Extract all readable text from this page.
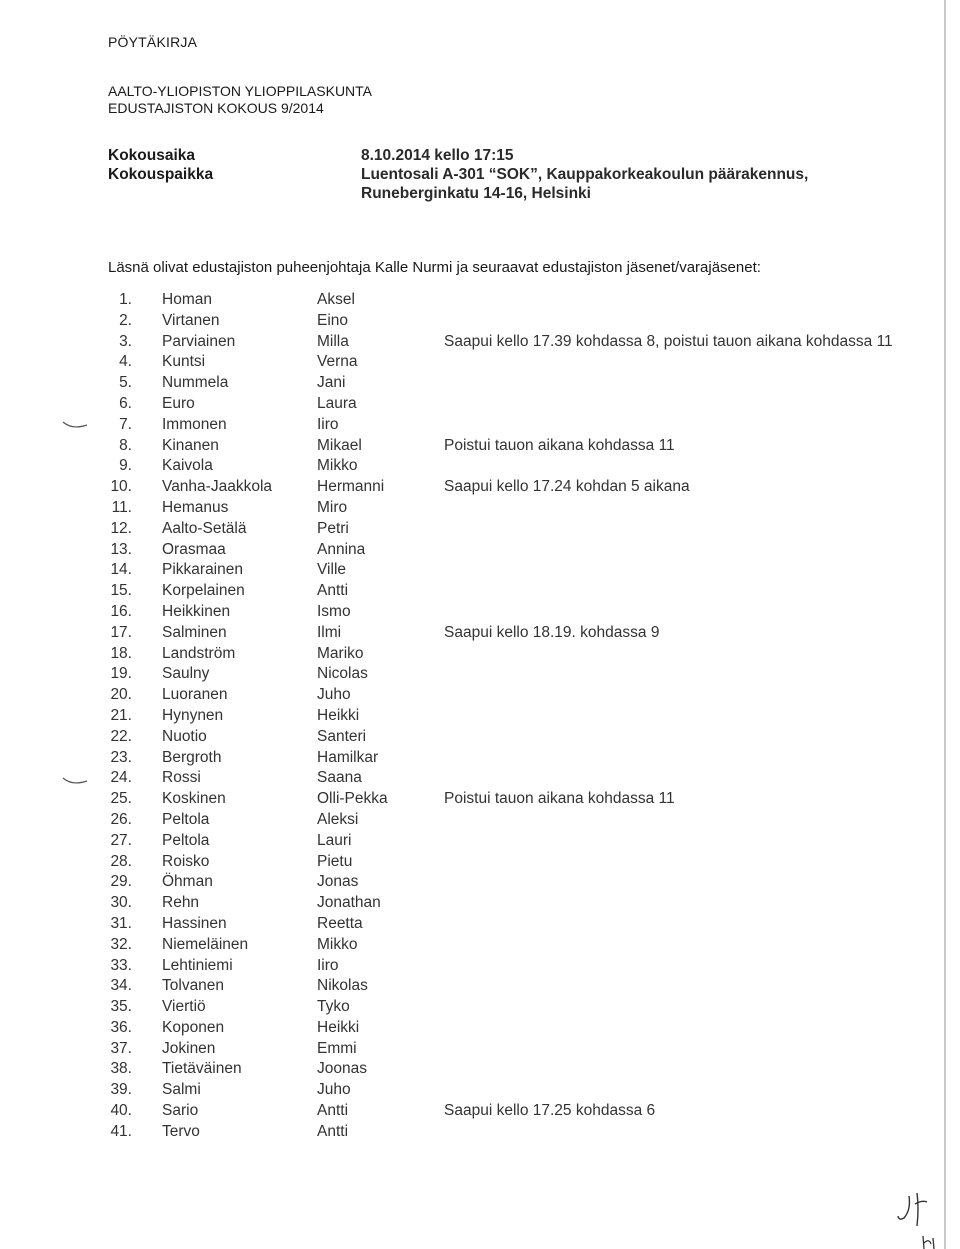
PÖYTÄKIRJA
AALTO-YLIOPISTON YLIOPPILASKUNTA
EDUSTAJISTON KOKOUS 9/2014
Kokousaika	8.10.2014 kello 17:15
Kokouspaikka	Luentosali A-301 “SOK”, Kauppakorkeakoulun päärakennus,
Runeberginkatu 14-16, Helsinki
Läsnä olivat edustajiston puheenjohtaja Kalle Nurmi ja seuraavat edustajiston jäsenet/varajäsenet:
1. Homan	Aksel
2. Virtanen	Eino
3. Parviainen	Milla	Saapui kello 17.39 kohdassa 8, poistui tauon aikana kohdassa 11
4. Kuntsi	Verna
5. Nummela	Jani
6. Euro	Laura
7. Immonen	Iiro
8. Kinanen	Mikael	Poistui tauon aikana kohdassa 11
9. Kaivola	Mikko
10. Vanha-Jaakkola	Hermanni	Saapui kello 17.24 kohdan 5 aikana
11. Hemanus	Miro
12. Aalto-Setälä	Petri
13. Orasmaa	Annina
14. Pikkarainen	Ville
15. Korpelainen	Antti
16. Heikkinen	Ismo
17. Salminen	Ilmi	Saapui kello 18.19. kohdassa 9
18. Landström	Mariko
19. Saulny	Nicolas
20. Luoranen	Juho
21. Hynynen	Heikki
22. Nuotio	Santeri
23. Bergroth	Hamilkar
24. Rossi	Saana
25. Koskinen	Olli-Pekka	Poistui tauon aikana kohdassa 11
26. Peltola	Aleksi
27. Peltola	Lauri
28. Roisko	Pietu
29. Öhman	Jonas
30. Rehn	Jonathan
31. Hassinen	Reetta
32. Niemeläinen	Mikko
33. Lehtiniemi	Iiro
34. Tolvanen	Nikolas
35. Viertiö	Tyko
36. Koponen	Heikki
37. Jokinen	Emmi
38. Tietäväinen	Joonas
39. Salmi	Juho
40. Sario	Antti	Saapui kello 17.25 kohdassa 6
41. Tervo	Antti
